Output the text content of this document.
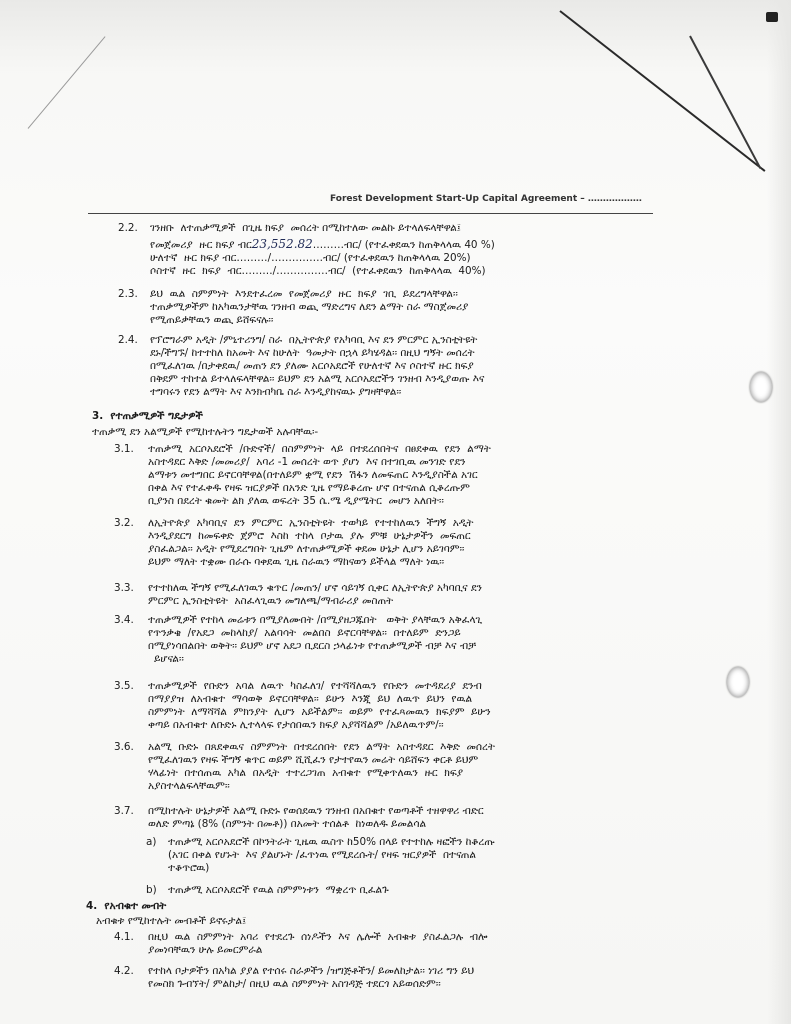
Forest Development Start-Up Capital Agreement – ………………
2.2.	ገንዘቡ  ለተጠቃሚዎች  በጊዜ ክፍያ  መሰረት በሚከተለው መልኩ ይተላለፍላቸዋል፤
የመጀመሪያ  ዙር ክፍያ ብር23,552.82………ብር/ (የተፈቀደዉን ከጠቅላላዉ 40 %)
ሁለተኛ  ዙር ክፍያ ብር………/……………ብር/ (የተፈቀደዉን ከጠቅላላዉ 20%)
ሶስተኛ  ዙር  ክፍያ  ብር………/……………ብር/  (የተፈቀደዉን  ከጠቅላላዉ  40%)
2.3.	ይህ  ዉል  ስምምነት  እንደተፈረመ  የመጀመሪያ  ዙር  ክፍያ  ገቢ  ይደረግላቸዋል፡፡
ተጠቃሚዎችም ከአካዉንታቸዉ ገንዘብ ወጪ ማድረግና ለደን ልማት ስራ ማስጀመሪያ
የሚጠይቃቸዉን ወጪ ይሸፍናሉ፡፡
2.4.	የፕሮግራም አዲት /ምኒተሪንግ/ ስራ  በኢትዮጵያ የአካባቢ እና ደን ምርምር ኢንስቲትዩት
ደኑ/ችግኙ/ ከተተከለ ከአመት እና ከሁለት  ዓመታት በኋላ ይካሄዳል፡፡ በዚህ ግኝት መሰረት
በሚፈለገዉ /በታቀደዉ/ መጠን ደን ያለሙ አርሶአደሮች የሁለተኛ እና ሶስተኛ ዙር ክፍያ
በቅደም ተከተል ይተላለፍላቸዋል፡፡ ይህም ደን አልሚ አርሶአደሮችን ገንዘብ እንዲያወጡ እና
ተግባሩን የደን ልማት እና እንክብካቤ ስራ እንዲያከናዉኑ ያግዛቸዋል፡፡
3.  የተጠቃሚዎች ግዴታዎች
ተጠቃሚ ደን አልሚዎች የሚከተሉትን ግዴታወች አሉባቸዉ፡-
3.1.	ተጠቃሚ  አርሶአደሮች  /ቡድኖች/  በስምምነት  ላይ  በተደረሰበትና  በፀደቀዉ  የደን  ልማት
አስተዳደር እቅድ /መመሪያ/  አባሪ -1 መሰረት ወጥ ያሆነ  እና በተገቢዉ መንገድ የደን
ልማቱን መተግበር ይኖርባቸዋል(በተለይም ቋሚ የደን  ሽፋን ለመፍጠር እንዲያስችል አገር
በቀል እና የተፈቀዱ የዛፍ ዝርያዎች በአንድ ጊዜ የማይቆረጡ ሆኖ በተናጠል ሲቆረጡም
ቢያንስ በደረት ቁመት ልክ ያለዉ ወፍረት 35 ሴ.ሜ ዲያሜትር  መሆን አለበት፡፡
3.2.	ለኢትዮጵያ  አካባቢና  ደን  ምርምር  ኢንስቲትዩት  ተወካይ  የተተከለዉን  ችግኝ  አዲት
እንዲያደርግ  ከመፍቀድ  ጀምሮ  እስከ  ተከላ  ቦታዉ  ያሉ  ምቹ  ሁኔታዎችን  መፍጠር
ያስፈልጋል፡፡ አዲት የሚደረግበት ጊዜም ለተጠቃሚዎች ቀደመ ሁኔታ ሊሆን አይገባም፡፡
ይህም ማለት ተቋሙ በራሱ ባቀደዉ ጊዜ ስራዉን ማከናወን ይችላል ማለት ነዉ፡፡
3.3.	የተተከለዉ ችግኝ የሚፈለገዉን ቁጥር /መጠን/ ሆኖ ሳይገኝ ሲቀር ለኢትዮጵያ አካባቢና ደን
ምርምር ኢንስቲትዩት  አስፈላጊዉን መግለጫ/ማብራሪያ መስጠት
3.4.	ተጠቃሚዎች የተከላ መሬቱን በሚያለሙበት /በሚያዘጋጁበት   ወቅት ያላቸዉን አቅፈላጊ
የጥንቃቄ  /የአደጋ  መከላከያ/  አልባሳት  መልበስ  ይኖርባቸዋል፡፡  በተለይም  ድንጋይ
በሚያነሳበልበት ወቅት፡፡ ይህም ሆኖ አደጋ ቢደርስ ኃላፊነቱ የተጠቃሚዎች ብቻ እና ብቻ
ይሆናል፡፡
3.5.	ተጠቃሚዎች  የቡድን  አባል  ለዉጥ  ካስፈለገ/  የተሻሻለዉን  የቡድን  መተዳደሪያ  ደንብ
በማያያዝ  ለአብቁተ  ማሳወቅ  ይኖርባቸዋል፡፡  ይሁን  እንጂ  ይህ  ለዉጥ  ይህን  የዉል
ስምምነት  ለማሻሻል  ምክንያት  ሊሆን  አይችልም፡፡  ወይም  የተፈጻመዉን  ክፍያም  ይሁን
ቀጣይ በአብቁተ ለቡድኑ ሊተላላፍ የታሰበዉን ክፍያ አያሻሻልም /አይለዉጥም/፡፡
3.6.	አልሚ  ቡድኑ  በጸደቀዉና  ስምምነት  በተደረሰበት  የደን  ልማት  አስተዳደር  እቅድ  መሰረት
የሚፈለገዉን የዛፍ ችግኝ ቁጥር ወይም ሺሺፈን የታተየዉን መሬት ሳይሸፍን ቀርቶ ይህም
ሃላፊነት  በተሰጠዉ  አካል  በአዲት  ተተረጋገጠ  አብቁተ  የሚቀጥለዉን  ዙር  ክፍያ
አያስተላልፍላቸዉም፡፡
3.7.	በሚከተሉት ሁኔታዎች አልሚ ቡድኑ የወሰደዉን ገንዘብ በአበቁተ የወጣቶች ተዘዋዋሪ ብድር
ወለድ ምጣኔ (8% (ስምንት በመቶ)) በአመት ተሰልቶ  ከነወለዱ ይመልሳል
a)	ተጠቃሚ አርሶአደሮች በኮንትራት ጊዜዉ ዉስጥ ከ50% በላይ የተተከሉ ዛፎችን ከቆረጡ
(አገር በቀል የሆኑት  እና ያልሆኑት /ፈጥነዉ የሚደረሱት/ የዛፍ ዝርያዎች  በተናጠል
ተቆጥሮዉ)
b)	ተጠቃሚ አርሶአደሮች የዉል ስምምነቱን  ማቋረጥ ቢፈልጉ
4.  የአብቁተ መብት
አብቁቱ የሚከተሉት መብቶች ይኖሩታል፤
4.1.	በዚህ  ዉል  ስምምነት  አባሪ  የተደረጉ  ሰነዶችን  እና  ሌሎች  አብቁቱ  ያስፈልጋሉ  ብሎ
ያመነባቸዉን ሁሉ ይመርምራል
4.2.	የተከላ ቦታዎችን በአካል ያያል የተሰሩ ስራዎችን /ዝግጅቶችን/ ይመለከታል፡፡ ነገሪ ግን ይህ
የመስክ ጉብኘት/ ምልከታ/ በዚህ ዉል ስምምነት አስገዳጅ ተደርጎ አይወሰድም፡፡
